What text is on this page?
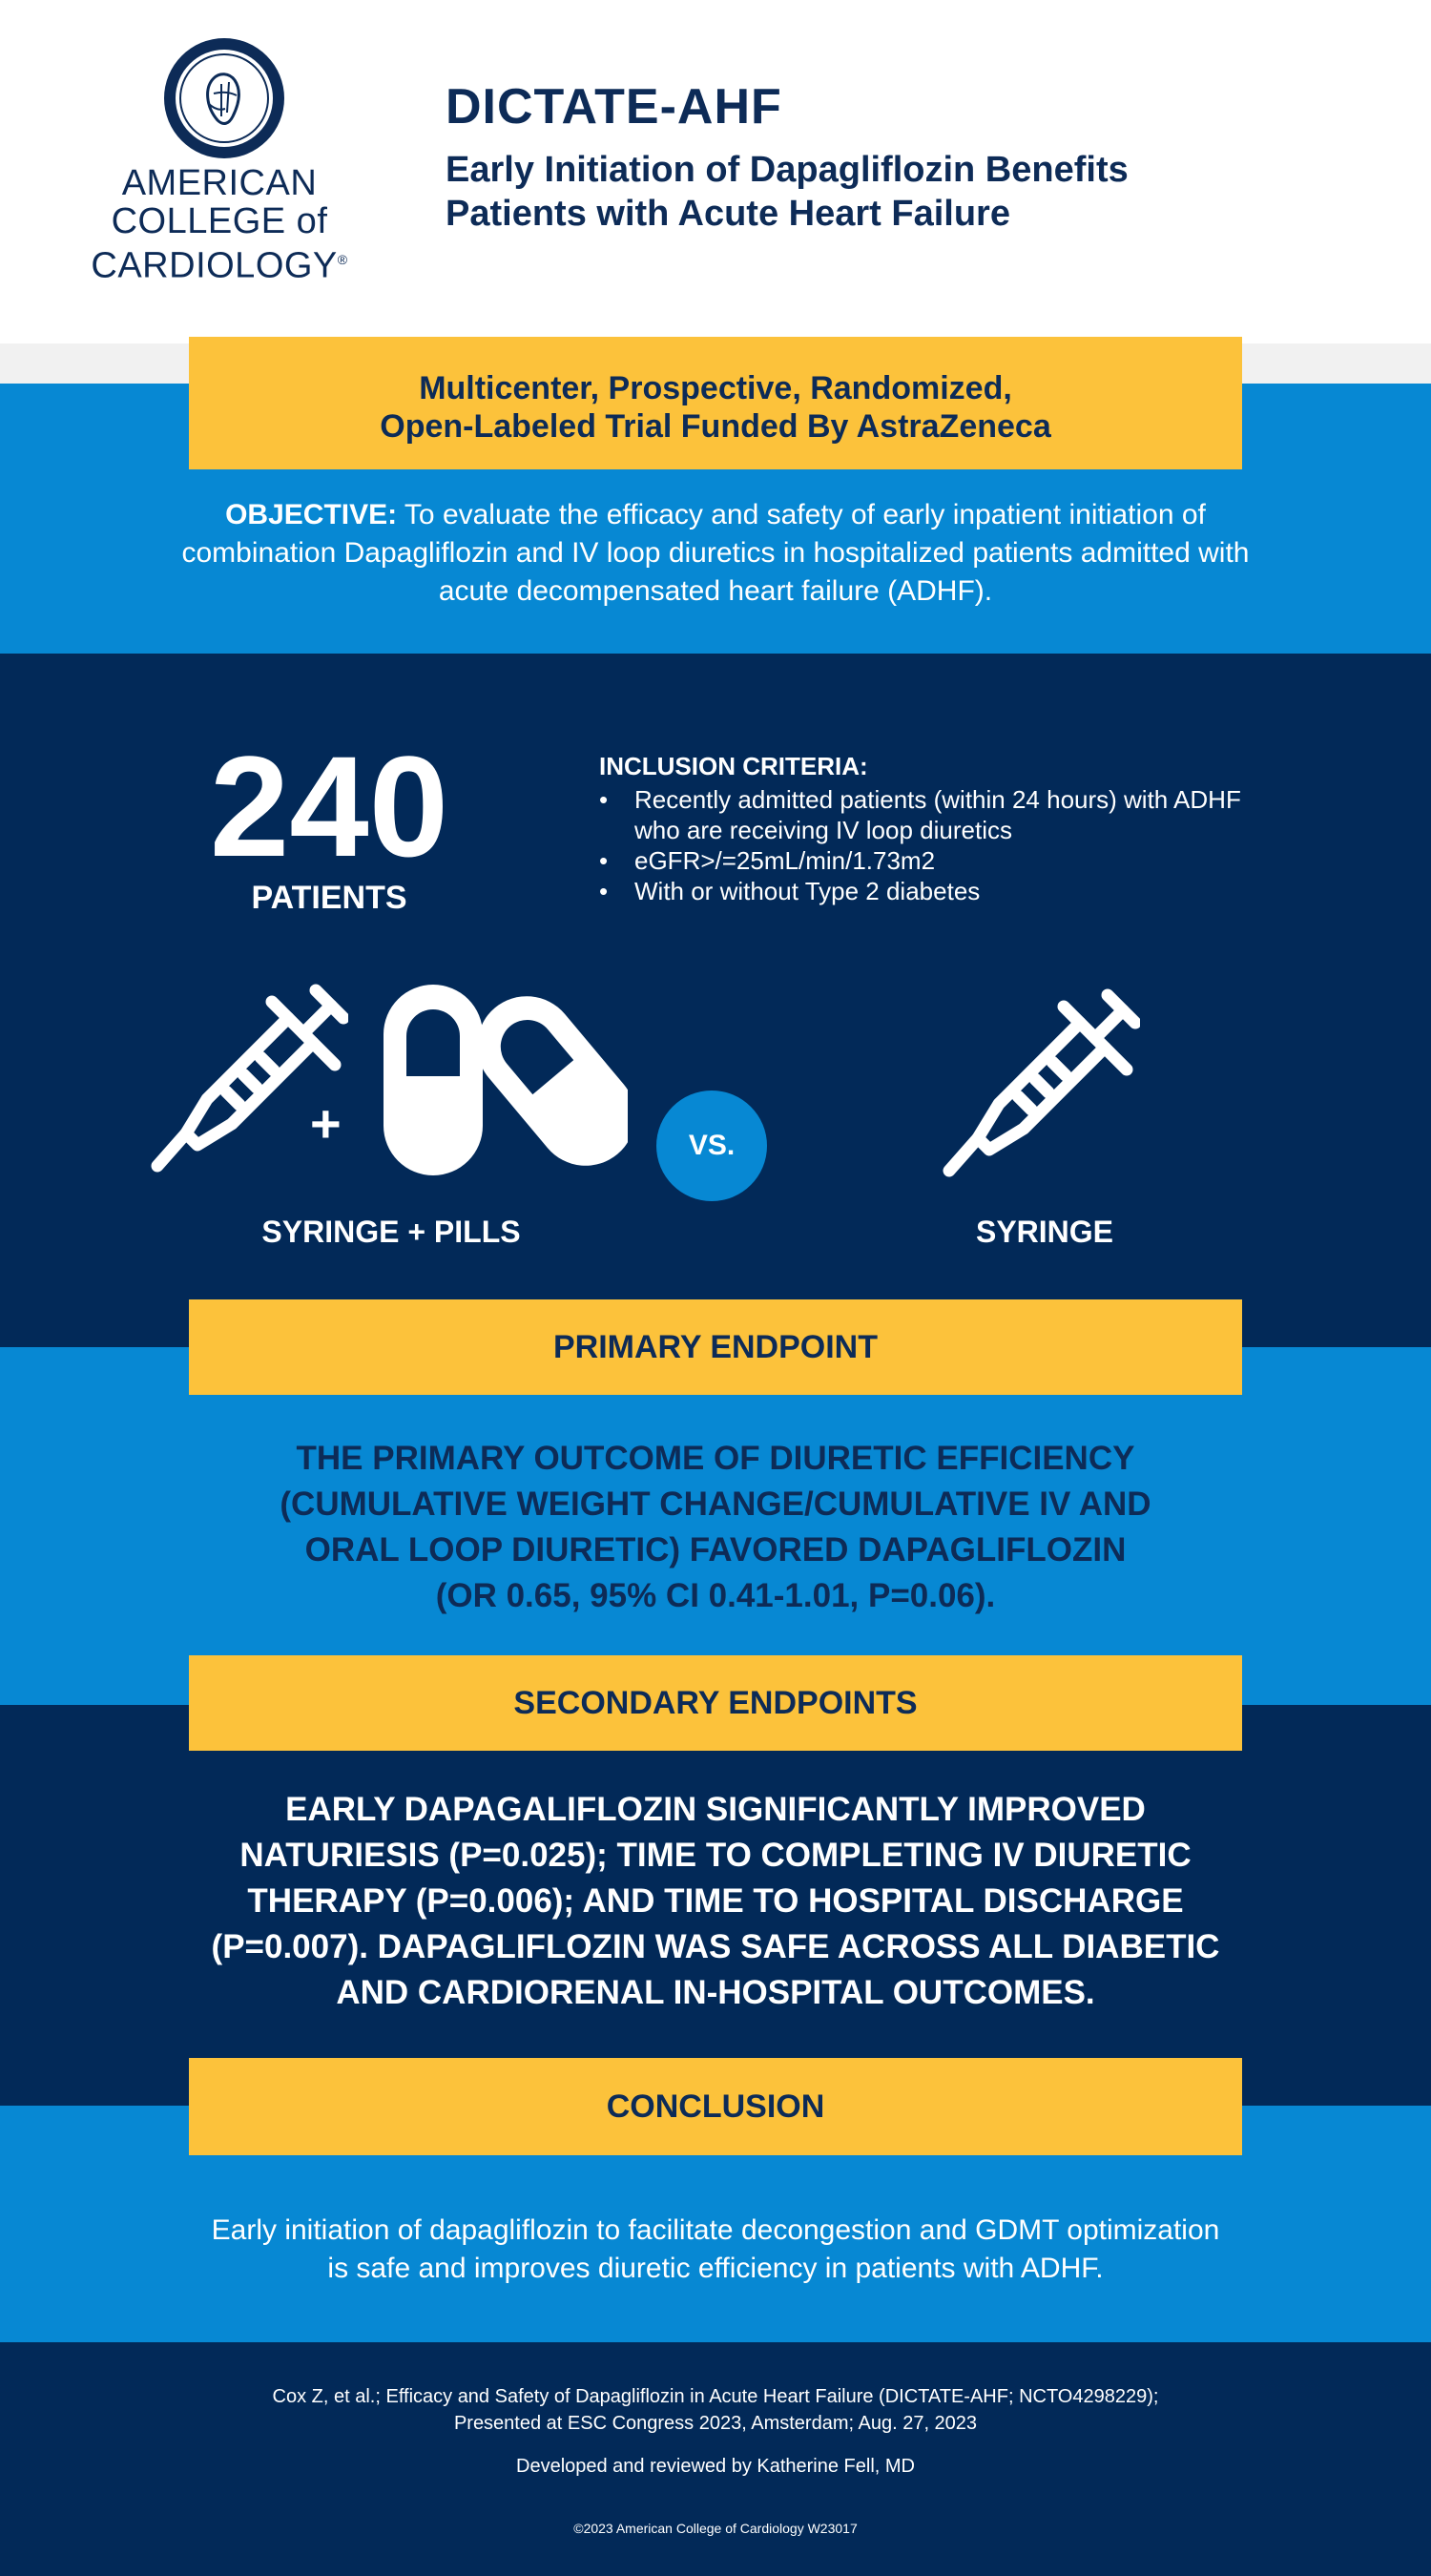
AMERICAN
COLLEGE of
CARDIOLOGY®
DICTATE-AHF
Early Initiation of Dapagliflozin Benefits
Patients with Acute Heart Failure
Multicenter, Prospective, Randomized,
Open-Labeled Trial Funded By AstraZeneca
OBJECTIVE: To evaluate the efficacy and safety of early inpatient initiation of combination Dapagliflozin and IV loop diuretics in hospitalized patients admitted with acute decompensated heart failure (ADHF).
240
PATIENTS
INCLUSION CRITERIA:
• Recently admitted patients (within 24 hours) with ADHF who are receiving IV loop diuretics
• eGFR>/=25mL/min/1.73m2
• With or without Type 2 diabetes
+	VS.
SYRINGE + PILLS	SYRINGE
PRIMARY ENDPOINT
THE PRIMARY OUTCOME OF DIURETIC EFFICIENCY
(CUMULATIVE WEIGHT CHANGE/CUMULATIVE IV AND
ORAL LOOP DIURETIC) FAVORED DAPAGLIFLOZIN
(OR 0.65, 95% CI 0.41-1.01, P=0.06).
SECONDARY ENDPOINTS
EARLY DAPAGALIFLOZIN SIGNIFICANTLY IMPROVED
NATURIESIS (P=0.025); TIME TO COMPLETING IV DIURETIC
THERAPY (P=0.006); AND TIME TO HOSPITAL DISCHARGE
(P=0.007). DAPAGLIFLOZIN WAS SAFE ACROSS ALL DIABETIC
AND CARDIORENAL IN-HOSPITAL OUTCOMES.
CONCLUSION
Early initiation of dapagliflozin to facilitate decongestion and GDMT optimization
is safe and improves diuretic efficiency in patients with ADHF.
Cox Z, et al.; Efficacy and Safety of Dapagliflozin in Acute Heart Failure (DICTATE-AHF; NCTO4298229);
Presented at ESC Congress 2023, Amsterdam; Aug. 27, 2023
Developed and reviewed by Katherine Fell, MD
©2023 American College of Cardiology W23017
